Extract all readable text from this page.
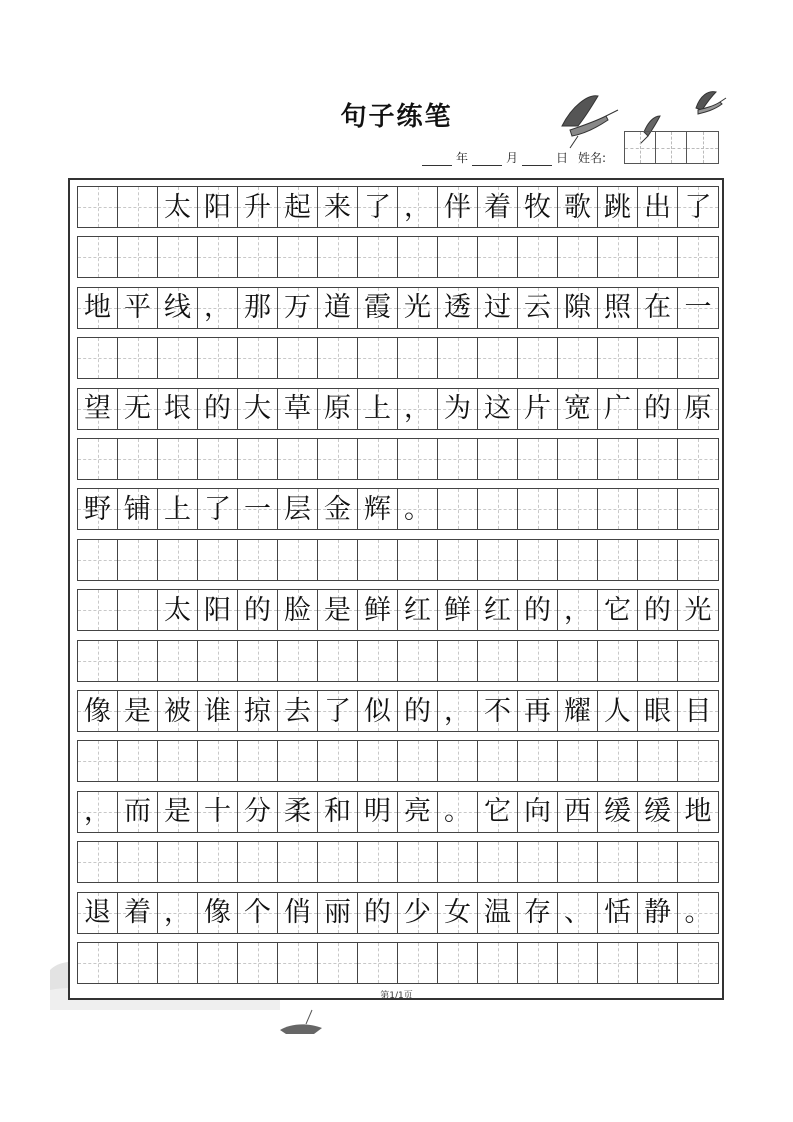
句子练笔
年	月	日 姓名:
太 阳 升 起 来 了 ， 伴 着 牧 歌 跳 出 了
地 平 线 ， 那 万 道 霞 光 透 过 云 隙 照 在 一
望 无 垠 的 大 草 原 上 ， 为 这 片 宽 广 的 原
野 铺 上 了 一 层 金 辉 。
太 阳 的 脸 是 鲜 红 鲜 红 的 ， 它 的 光
像 是 被 谁 掠 去 了 似 的 ， 不 再 耀 人 眼 目
， 而 是 十 分 柔 和 明 亮 。 它 向 西 缓 缓 地
退 着 ， 像 个 俏 丽 的 少 女 温 存 、 恬 静 。
第1/1页
